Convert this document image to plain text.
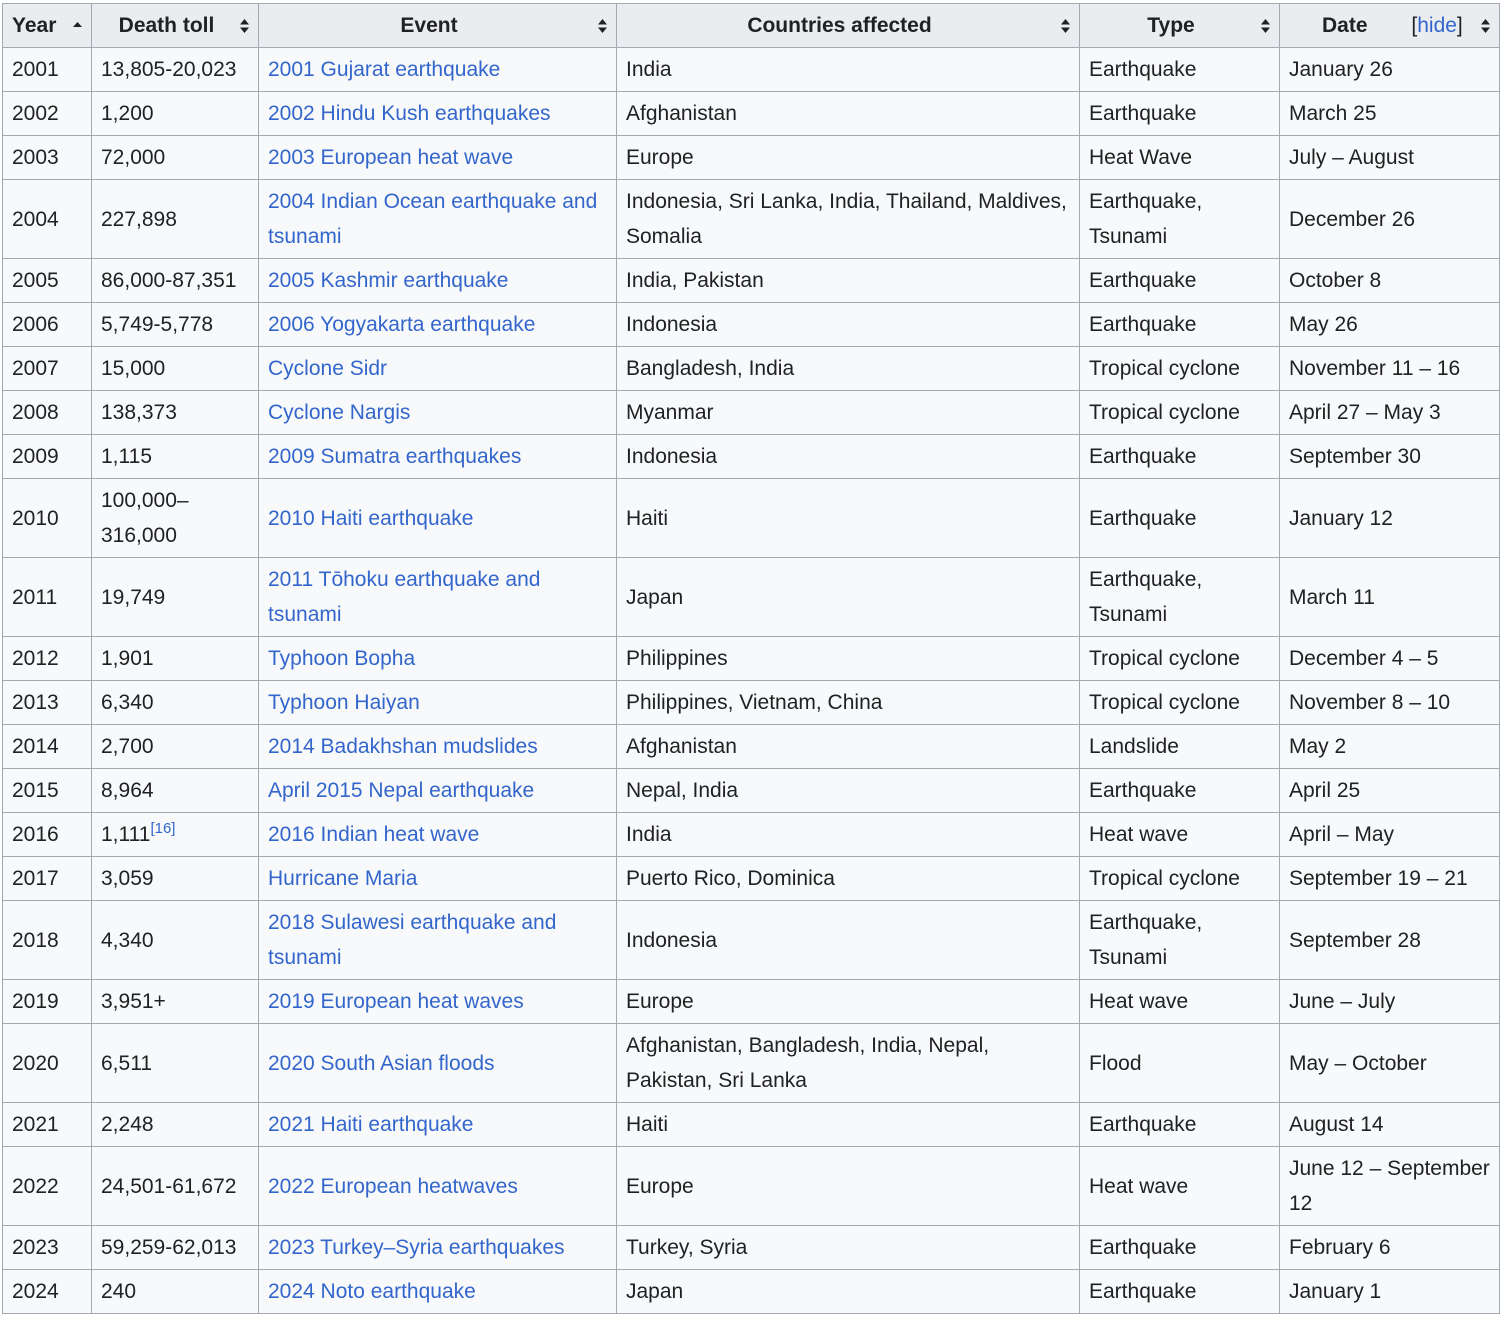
Year	Death toll	Event	Countries affected	Type	Date [hide]

2001	13,805-20,023	2001 Gujarat earthquake	India	Earthquake	January 26
2002	1,200	2002 Hindu Kush earthquakes	Afghanistan	Earthquake	March 25
2003	72,000	2003 European heat wave	Europe	Heat Wave	July – August
2004	227,898	2004 Indian Ocean earthquake and tsunami	Indonesia, Sri Lanka, India, Thailand, Maldives, Somalia	Earthquake, Tsunami	December 26
2005	86,000-87,351	2005 Kashmir earthquake	India, Pakistan	Earthquake	October 8
2006	5,749-5,778	2006 Yogyakarta earthquake	Indonesia	Earthquake	May 26
2007	15,000	Cyclone Sidr	Bangladesh, India	Tropical cyclone	November 11 – 16
2008	138,373	Cyclone Nargis	Myanmar	Tropical cyclone	April 27 – May 3
2009	1,115	2009 Sumatra earthquakes	Indonesia	Earthquake	September 30
2010	100,000–316,000	2010 Haiti earthquake	Haiti	Earthquake	January 12
2011	19,749	2011 Tōhoku earthquake and tsunami	Japan	Earthquake, Tsunami	March 11
2012	1,901	Typhoon Bopha	Philippines	Tropical cyclone	December 4 – 5
2013	6,340	Typhoon Haiyan	Philippines, Vietnam, China	Tropical cyclone	November 8 – 10
2014	2,700	2014 Badakhshan mudslides	Afghanistan	Landslide	May 2
2015	8,964	April 2015 Nepal earthquake	Nepal, India	Earthquake	April 25
2016	1,111[16]	2016 Indian heat wave	India	Heat wave	April – May
2017	3,059	Hurricane Maria	Puerto Rico, Dominica	Tropical cyclone	September 19 – 21
2018	4,340	2018 Sulawesi earthquake and tsunami	Indonesia	Earthquake, Tsunami	September 28
2019	3,951+	2019 European heat waves	Europe	Heat wave	June – July
2020	6,511	2020 South Asian floods	Afghanistan, Bangladesh, India, Nepal, Pakistan, Sri Lanka	Flood	May – October
2021	2,248	2021 Haiti earthquake	Haiti	Earthquake	August 14
2022	24,501-61,672	2022 European heatwaves	Europe	Heat wave	June 12 – September 12
2023	59,259-62,013	2023 Turkey–Syria earthquakes	Turkey, Syria	Earthquake	February 6
2024	240	2024 Noto earthquake	Japan	Earthquake	January 1
